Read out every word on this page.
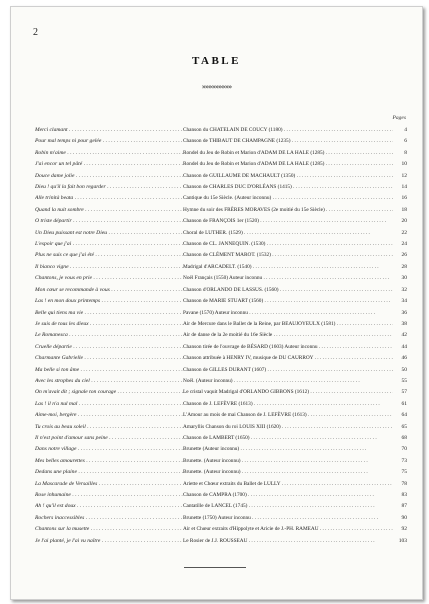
2
TABLE
»»»»»»»»»
Pages
Merci clamant . . .	Chanson du CHATELAIN DE COUCY (1180) . . .	4
Pour mal temps ni pour gelée . . .	Chanson de THIBAUT DE CHAMPAGNE (1235) . . .	6
Robin m'aime . . .	Rondel du Jeu de Robin et Marion d'ADAM DE LA HALE (1285) . . .	8
J'ai encor un tel pâté . . .	Rondel du Jeu de Robin et Marion d'ADAM DE LA HALE (1285) . . .	10
Douce dame jolie . . .	Chanson de GUILLAUME DE MACHAULT (1350) . . .	12
Dieu ! qu'il la fait bon regarder . . .	Chanson de CHARLES DUC D'ORLÉANS (1415) . . .	14
Alle trinità beata . . .	Cantique du 15e Siècle. (Auteur inconnu) . . .	16
Quand la nuit sombre . . .	Hymne du soir des FRÈRES MORAVES (2e moitié du 15e Siècle) . . .	18
O triste départir . . .	Chanson de FRANÇOIS 1er (1520) . . .	20
Un Dieu puissant est notre Dieu . . .	Choral de LUTHER. (1529) . . .	22
L'espoir que j'ai . . .	Chanson de CL. JANNEQUIN. (1530) . . .	24
Plus ne suis ce que j'ai été . . .	Chanson de CLÉMENT MAROT. (1532) . . .	26
Il bianco vigne . . .	Madrigal d'ARCADELT. (1540) . . .	28
Chantons, je vous en prie . . .	Noël Français (1550) Auteur inconnu . . .	30
Mon cœur se recommande à vous . . .	Chanson d'ORLANDO DE LASSUS. (1560) . . .	32
Las ! en mon doux printemps . . .	Chanson de MARIE STUART (1560) . . .	34
Belle qui tiens ma vie . . .	Pavane (1570) Auteur inconnu . . .	36
Je suis de tous les dieux . . .	Air de Mercure dans le Ballet de la Reine, par BEAUJOYEULX (1581) . . .	38
Le Romanesca . . .	Air de danse de la 2e moitié du 16e Siècle . . .	42
Cruelle départie . . .	Chanson tirée de l'ouvrage de BÉSARD (1603) Auteur inconnu . . .	44
Charmante Gabrielle . . .	Chanson attribuée à HENRY IV, musique de DU CAURROY . . .	46
Ma belle si ton âme . . .	Chanson de GILLES DURANT (1607) . . .	50
Avec les strophes du ciel . . .	Noël. (Auteur inconnu) . . .	55
On m'avait dit ; signale ton courage . . .	Le cristal vaquit Madrigal d'ORLANDO GIBBONS (1612) . . .	57
Las ! il n'a nul mal . . .	Chanson de J. LEFÈVRE (1613) . . .	61
Aime-moi, bergère . . .	L'Amour au mois de mai Chanson de J. LEFÈVRE (1613) . . .	64
Tu crois au beau soleil . . .	Amaryllis Chanson du roi LOUIS XIII (1620) . . .	65
Il n'est point d'amour sans peine . . .	Chanson de LAMBERT (1650) . . .	68
Dans notre village . . .	Brunette (Auteur inconnu) . . .	70
Mes belles amourettes . . .	Brunette. (Auteur inconnu) . . .	73
Dedans une plaine . . .	Brunette. (Auteur inconnu) . . .	75
La Mascarade de Versailles . . .	Ariette et Chœur extraits du Ballet de LULLY . . .	78
Rose inhumaine . . .	Chanson de CAMPRA (1700) . . .	83
Ah ! qu'il est doux . . .	Cantatille de LANCEL (1745) . . .	87
Rochers inaccessibles . . .	Brunette (1750) Auteur inconnu . . .	90
Chantons sur la musette . . .	Air et Chœur extraits d'Hippolyte et Aricie de J.-PH. RAMEAU . . .	92
Je l'ai planté, je l'ai vu naître . . .	Le Rosier de J.J. ROUSSEAU . . .	103
